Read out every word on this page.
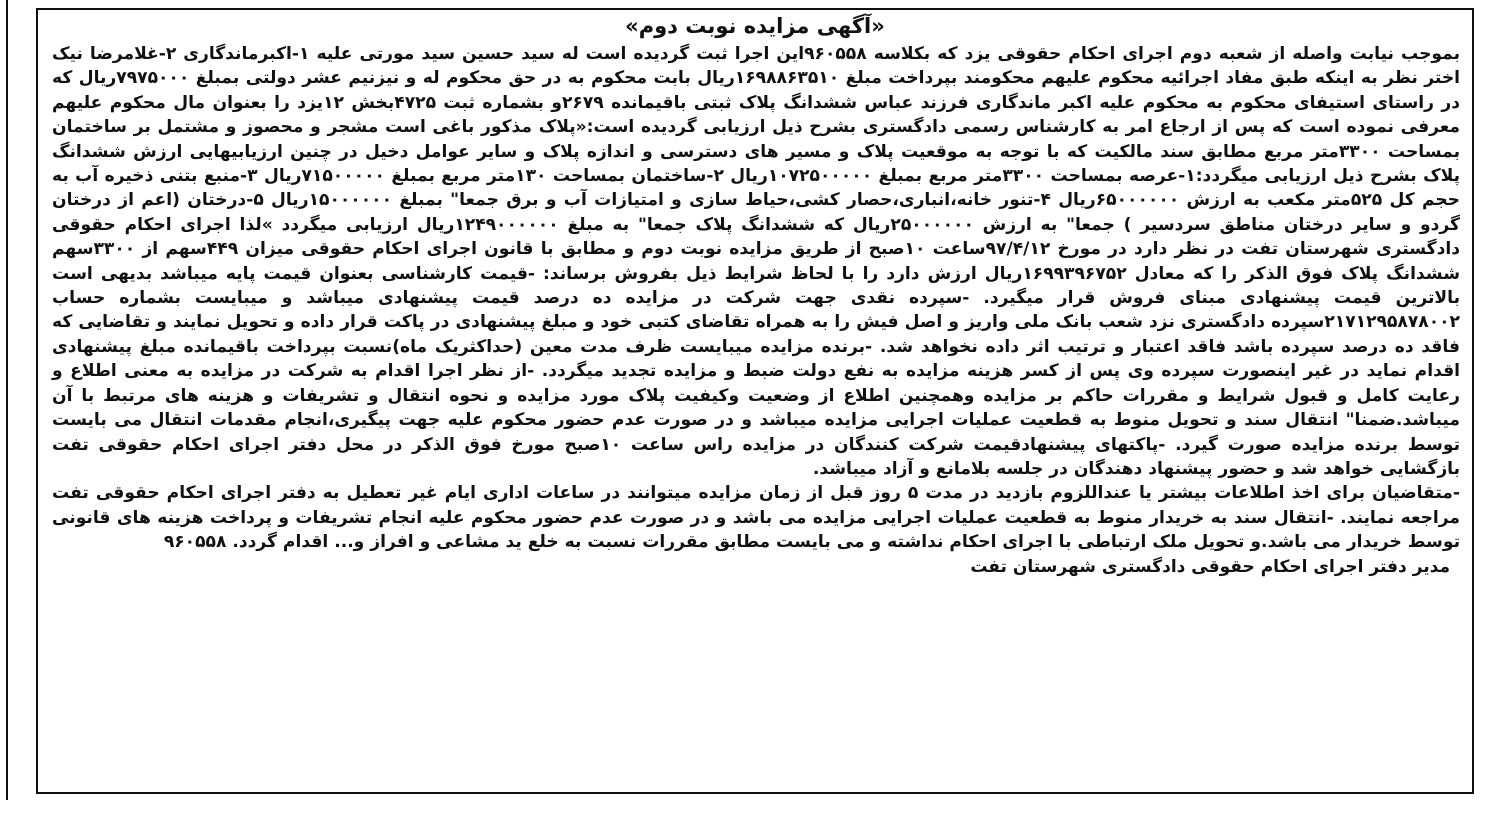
«آگهی مزایده نوبت دوم»

بموجب نیابت واصله از شعبه دوم اجرای احکام حقوقی یزد که بکلاسه ۹۶۰۵۵۸این اجرا ثبت گردیده است له سید حسین سید مورتی علیه ۱-اکبرماندگاری ۲-غلامرضا نیک اختر نظر به اینکه طبق مفاد اجرائیه محکوم علیهم محکومند بپرداخت مبلغ ۱۶۹۸۸۶۳۵۱۰ریال بابت محکوم به در حق محکوم له و نیزنیم عشر دولتی بمبلغ ۷۹۷۵۰۰۰ریال که در راستای استیفای محکوم به محکوم علیه اکبر ماندگاری فرزند عباس ششدانگ پلاک ثبتی باقیمانده ۲۶۷۹و بشماره ثبت ۴۷۲۵بخش ۱۲یزد را بعنوان مال محکوم علیهم معرفی نموده است که پس از ارجاع امر به کارشناس رسمی دادگستری بشرح ذیل ارزیابی گردیده است:«پلاک مذکور باغی است مشجر و محصوز و مشتمل بر ساختمان بمساحت ۳۳۰۰متر مربع مطابق سند مالکیت که با توجه به موقعیت پلاک و مسیر های دسترسی و اندازه پلاک و سایر عوامل دخیل در چنین ارزیابیهایی ارزش ششدانگ پلاک بشرح ذیل ارزیابی میگردد:۱-عرصه بمساحت ۳۳۰۰متر مربع بمبلغ ۱۰۷۲۵۰۰۰۰۰ریال ۲-ساختمان بمساحت ۱۳۰متر مربع بمبلغ ۷۱۵۰۰۰۰۰ریال ۳-منبع بتنی ذخیره آب به حجم کل ۵۲۵متر مکعب به ارزش ۶۵۰۰۰۰۰۰ریال ۴-تنور خانه،انباری،حصار کشی،حیاط سازی و امتیازات آب و برق جمعا" بمبلغ ۱۵۰۰۰۰۰۰ریال ۵-درختان (اعم از درختان گردو و سایر درختان مناطق سردسیر ) جمعا" به ارزش ۲۵۰۰۰۰۰۰ریال که ششدانگ پلاک جمعا" به مبلغ ۱۲۴۹۰۰۰۰۰۰ریال ارزیابی میگردد »لذا اجرای احکام حقوقی دادگستری شهرستان تفت در نظر دارد در مورخ ۹۷/۴/۱۲ساعت ۱۰صبح از طریق مزایده نوبت دوم و مطابق با قانون اجرای احکام حقوقی میزان ۴۴۹سهم از ۳۳۰۰سهم ششدانگ پلاک فوق الذکر را که معادل ۱۶۹۹۳۹۶۷۵۲ریال ارزش دارد را با لحاظ شرایط ذیل بفروش برساند: -قیمت کارشناسی بعنوان قیمت پایه میباشد بدیهی است بالاترین قیمت پیشنهادی مبنای فروش قرار میگیرد. -سپرده نقدی جهت شرکت در مزایده ده درصد قیمت پیشنهادی میباشد و میبایست بشماره حساب ۲۱۷۱۲۹۵۸۷۸۰۰۲سپرده دادگستری نزد شعب بانک ملی واریز و اصل فیش را به همراه تقاضای کتبی خود و مبلغ پیشنهادی در پاکت قرار داده و تحویل نمایند و تقاضایی که فاقد ده درصد سپرده باشد فاقد اعتبار و ترتیب اثر داده نخواهد شد. -برنده مزایده میبایست ظرف مدت معین (حداکثریک ماه)نسبت بپرداخت باقیمانده مبلغ پیشنهادی اقدام نماید در غیر اینصورت سپرده وی پس از کسر هزینه مزایده به نفع دولت ضبط و مزایده تجدید میگردد. -از نظر اجرا اقدام به شرکت در مزایده به معنی اطلاع و رعایت کامل و قبول شرایط و مقررات حاکم بر مزایده وهمچنین اطلاع از وضعیت وکیفیت پلاک مورد مزایده و نحوه انتقال و تشریفات و هزینه های مرتبط با آن میباشد.ضمنا" انتقال سند و تحویل منوط به قطعیت عملیات اجرایی مزایده میباشد و در صورت عدم حضور محکوم علیه جهت پیگیری،انجام مقدمات انتقال می بایست توسط برنده مزایده صورت گیرد. -پاکتهای پیشنهادقیمت شرکت کنندگان در مزایده راس ساعت ۱۰صبح مورخ فوق الذکر در محل دفتر اجرای احکام حقوقی تفت بازگشایی خواهد شد و حضور پیشنهاد دهندگان در جلسه بلامانع و آزاد میباشد.

-متقاضیان برای اخذ اطلاعات بیشتر یا عنداللزوم بازدید در مدت ۵ روز قبل از زمان مزایده میتوانند در ساعات اداری ایام غیر تعطیل به دفتر اجرای احکام حقوقی تفت مراجعه نمایند. -انتقال سند به خریدار منوط به قطعیت عملیات اجرایی مزایده می باشد و در صورت عدم حضور محکوم علیه انجام تشریفات و پرداخت هزینه های قانونی توسط خریدار می باشد.و تحویل ملک ارتباطی با اجرای احکام نداشته و می بایست مطابق مقررات نسبت به خلع ید مشاعی و افراز و... اقدام گردد. ۹۶۰۵۵۸

مدیر دفتر اجرای احکام حقوقی دادگستری شهرستان تفت
